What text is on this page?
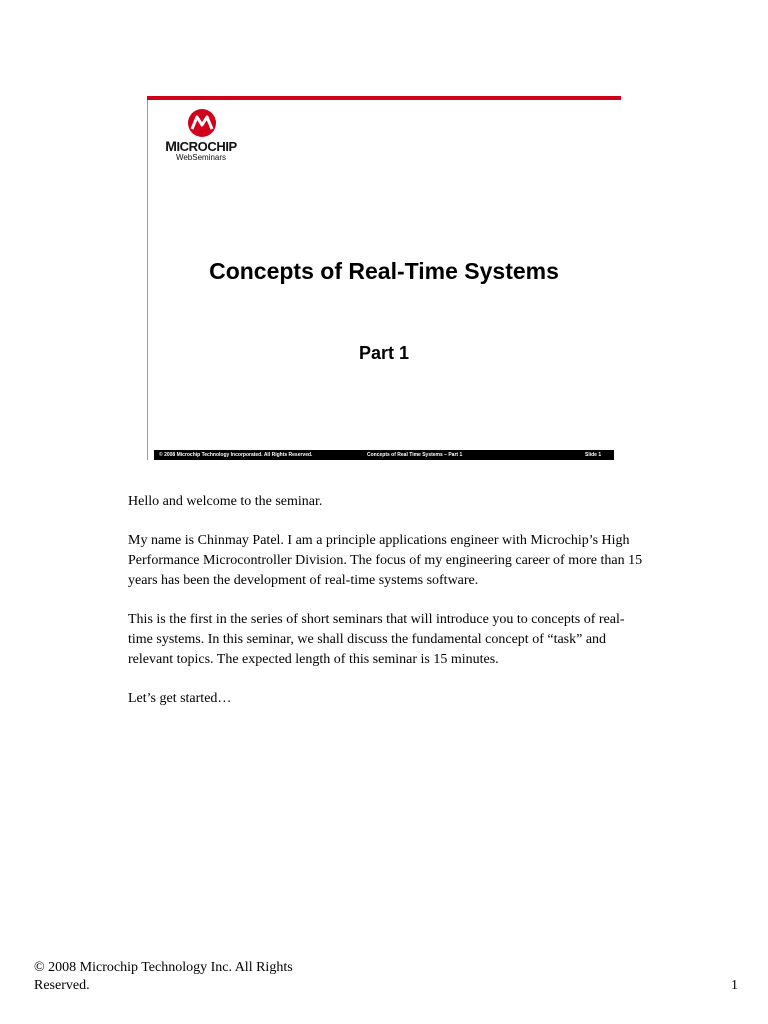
MICROCHIP
WebSeminars
Concepts of Real-Time Systems
Part 1
© 2008 Microchip Technology Incorporated. All Rights Reserved.	Concepts of Real Time Systems – Part 1	Slide 1

Hello and welcome to the seminar.

My name is Chinmay Patel. I am a principle applications engineer with Microchip’s High Performance Microcontroller Division. The focus of my engineering career of more than 15 years has been the development of real-time systems software.

This is the first in the series of short seminars that will introduce you to concepts of real-time systems. In this seminar, we shall discuss the fundamental concept of “task” and relevant topics. The expected length of this seminar is 15 minutes.

Let’s get started…

© 2008 Microchip Technology Inc. All Rights
Reserved.	1
